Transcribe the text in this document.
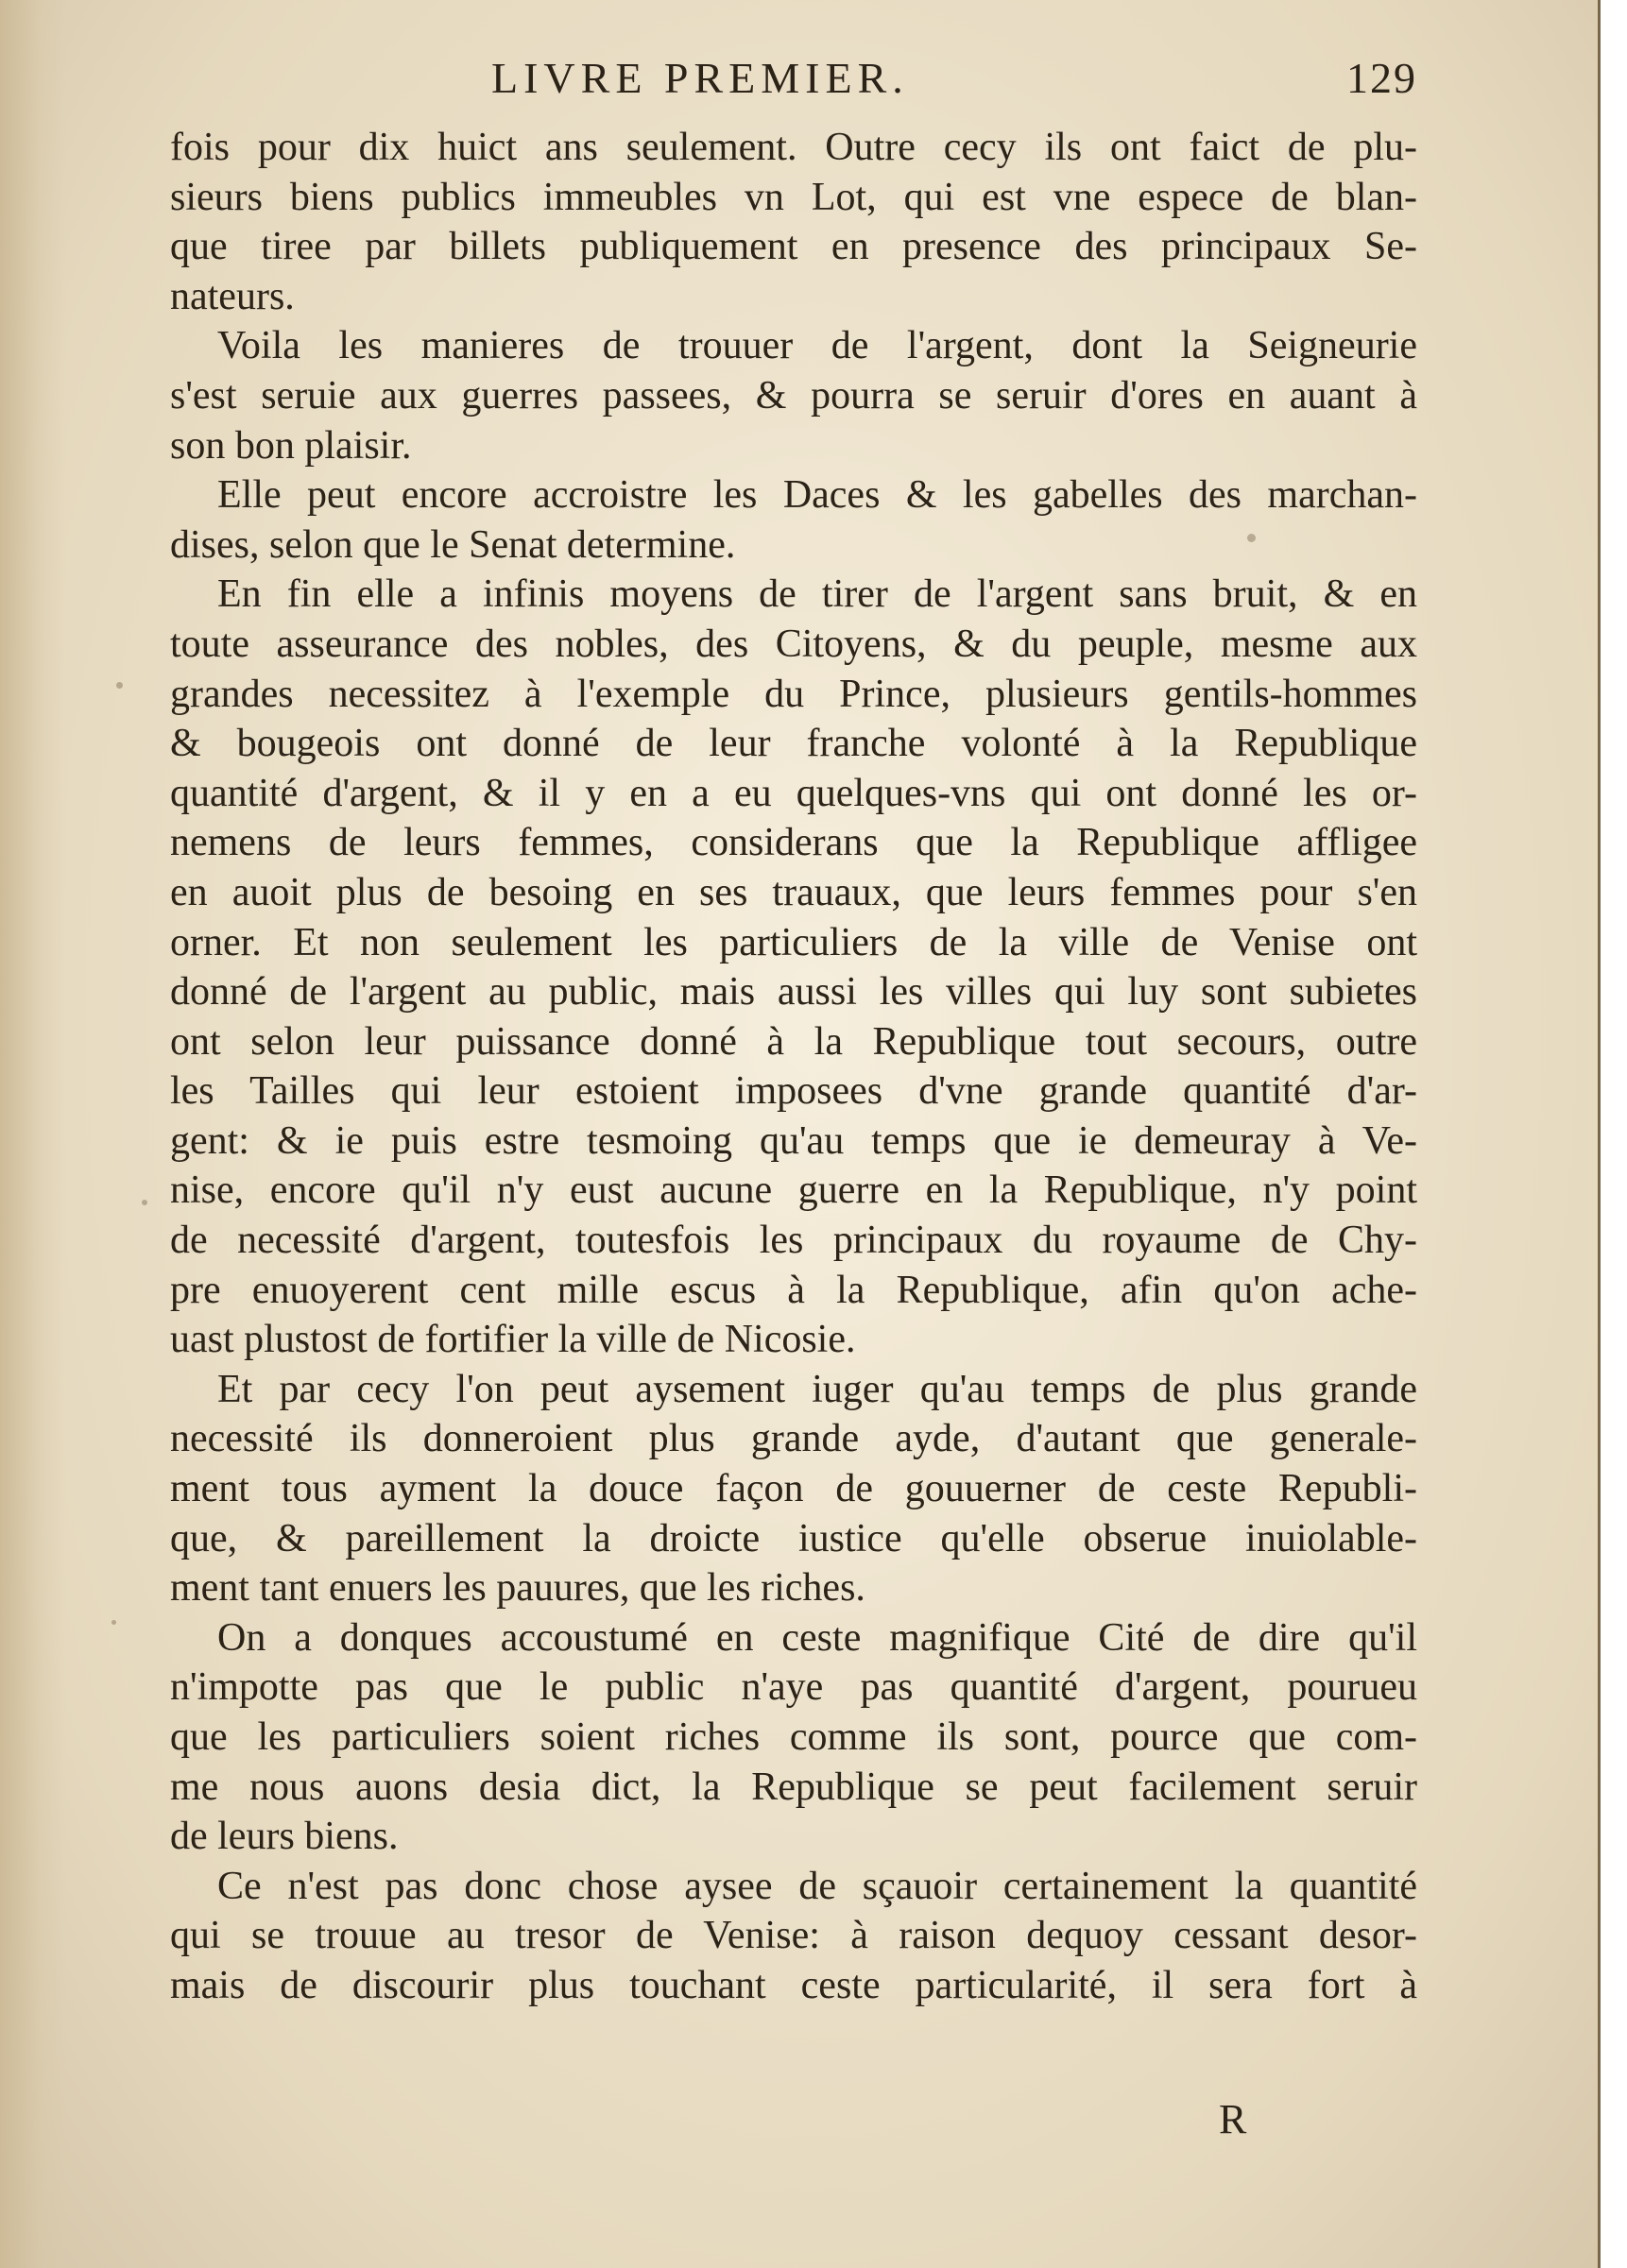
LIVRE PREMIER.	129
fois pour dix huict ans seulement. Outre cecy ils ont faict de plu-
sieurs biens publics immeubles vn Lot, qui est vne espece de blan-
que tiree par billets publiquement en presence des principaux Se-
nateurs.
Voila les manieres de trouuer de l'argent, dont la Seigneurie
s'est seruie aux guerres passees, & pourra se seruir d'ores en auant à
son bon plaisir.
Elle peut encore accroistre les Daces & les gabelles des marchan-
dises, selon que le Senat determine.
En fin elle a infinis moyens de tirer de l'argent sans bruit, & en
toute asseurance des nobles, des Citoyens, & du peuple, mesme aux
grandes necessitez à l'exemple du Prince, plusieurs gentils-hommes
& bougeois ont donné de leur franche volonté à la Republique
quantité d'argent, & il y en a eu quelques-vns qui ont donné les or-
nemens de leurs femmes, considerans que la Republique affligee
en auoit plus de besoing en ses trauaux, que leurs femmes pour s'en
orner. Et non seulement les particuliers de la ville de Venise ont
donné de l'argent au public, mais aussi les villes qui luy sont subietes
ont selon leur puissance donné à la Republique tout secours, outre
les Tailles qui leur estoient imposees d'vne grande quantité d'ar-
gent: & ie puis estre tesmoing qu'au temps que ie demeuray à Ve-
nise, encore qu'il n'y eust aucune guerre en la Republique, n'y point
de necessité d'argent, toutesfois les principaux du royaume de Chy-
pre enuoyerent cent mille escus à la Republique, afin qu'on ache-
uast plustost de fortifier la ville de Nicosie.
Et par cecy l'on peut aysement iuger qu'au temps de plus grande
necessité ils donneroient plus grande ayde, d'autant que generale-
ment tous ayment la douce façon de gouuerner de ceste Republi-
que, & pareillement la droicte iustice qu'elle obserue inuiolable-
ment tant enuers les pauures, que les riches.
On a donques accoustumé en ceste magnifique Cité de dire qu'il
n'impotte pas que le public n'aye pas quantité d'argent, pourueu
que les particuliers soient riches comme ils sont, pource que com-
me nous auons desia dict, la Republique se peut facilement seruir
de leurs biens.
Ce n'est pas donc chose aysee de sçauoir certainement la quantité
qui se trouue au tresor de Venise: à raison dequoy cessant desor-
mais de discourir plus touchant ceste particularité, il sera fort à
R
